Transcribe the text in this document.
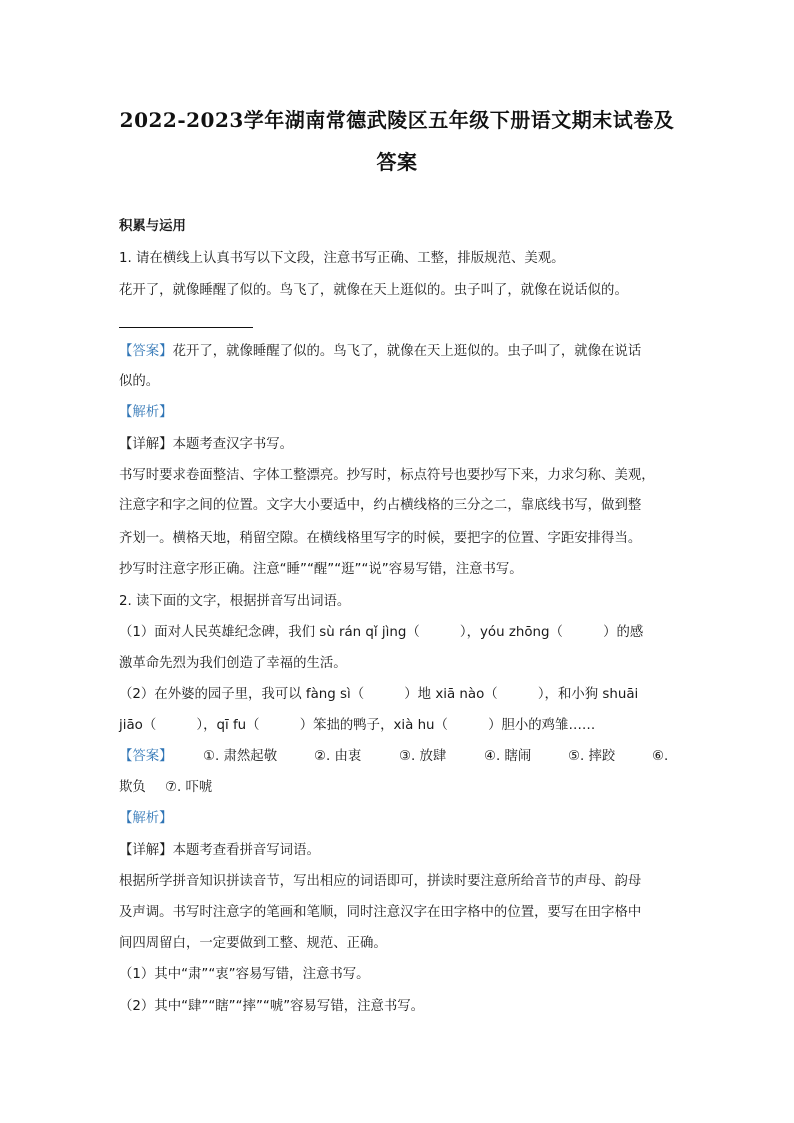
2022-2023学年湖南常德武陵区五年级下册语文期末试卷及
答案
积累与运用
1. 请在横线上认真书写以下文段，注意书写正确、工整，排版规范、美观。
花开了，就像睡醒了似的。鸟飞了，就像在天上逛似的。虫子叫了，就像在说话似的。
【答案】花开了，就像睡醒了似的。鸟飞了，就像在天上逛似的。虫子叫了，就像在说话
似的。
【解析】
【详解】本题考查汉字书写。
书写时要求卷面整洁、字体工整漂亮。抄写时，标点符号也要抄写下来，力求匀称、美观，
注意字和字之间的位置。文字大小要适中，约占横线格的三分之二，靠底线书写，做到整
齐划一。横格天地，稍留空隙。在横线格里写字的时候，要把字的位置、字距安排得当。
抄写时注意字形正确。注意“睡”“醒”“逛”“说”容易写错，注意书写。
2. 读下面的文字，根据拼音写出词语。
（1）面对人民英雄纪念碑，我们 sù rán qǐ jìng（　　　），yóu zhōng（　　　）的感
激革命先烈为我们创造了幸福的生活。
（2）在外婆的园子里，我可以 fàng sì（　　　）地 xiā nào（　　　），和小狗 shuāi
jiāo（　　　），qī fu（　　　）笨拙的鸭子，xià hu（　　　）胆小的鸡雏……
【答案】 ①. 肃然起敬	②. 由衷	③. 放肆	④. 瞎闹	⑤. 摔跤	⑥.
欺负 ⑦. 吓唬
【解析】
【详解】本题考查看拼音写词语。
根据所学拼音知识拼读音节，写出相应的词语即可，拼读时要注意所给音节的声母、韵母
及声调。书写时注意字的笔画和笔顺，同时注意汉字在田字格中的位置，要写在田字格中
间四周留白，一定要做到工整、规范、正确。
（1）其中“肃”“衷”容易写错，注意书写。
（2）其中“肆”“瞎”“摔”“唬”容易写错，注意书写。
